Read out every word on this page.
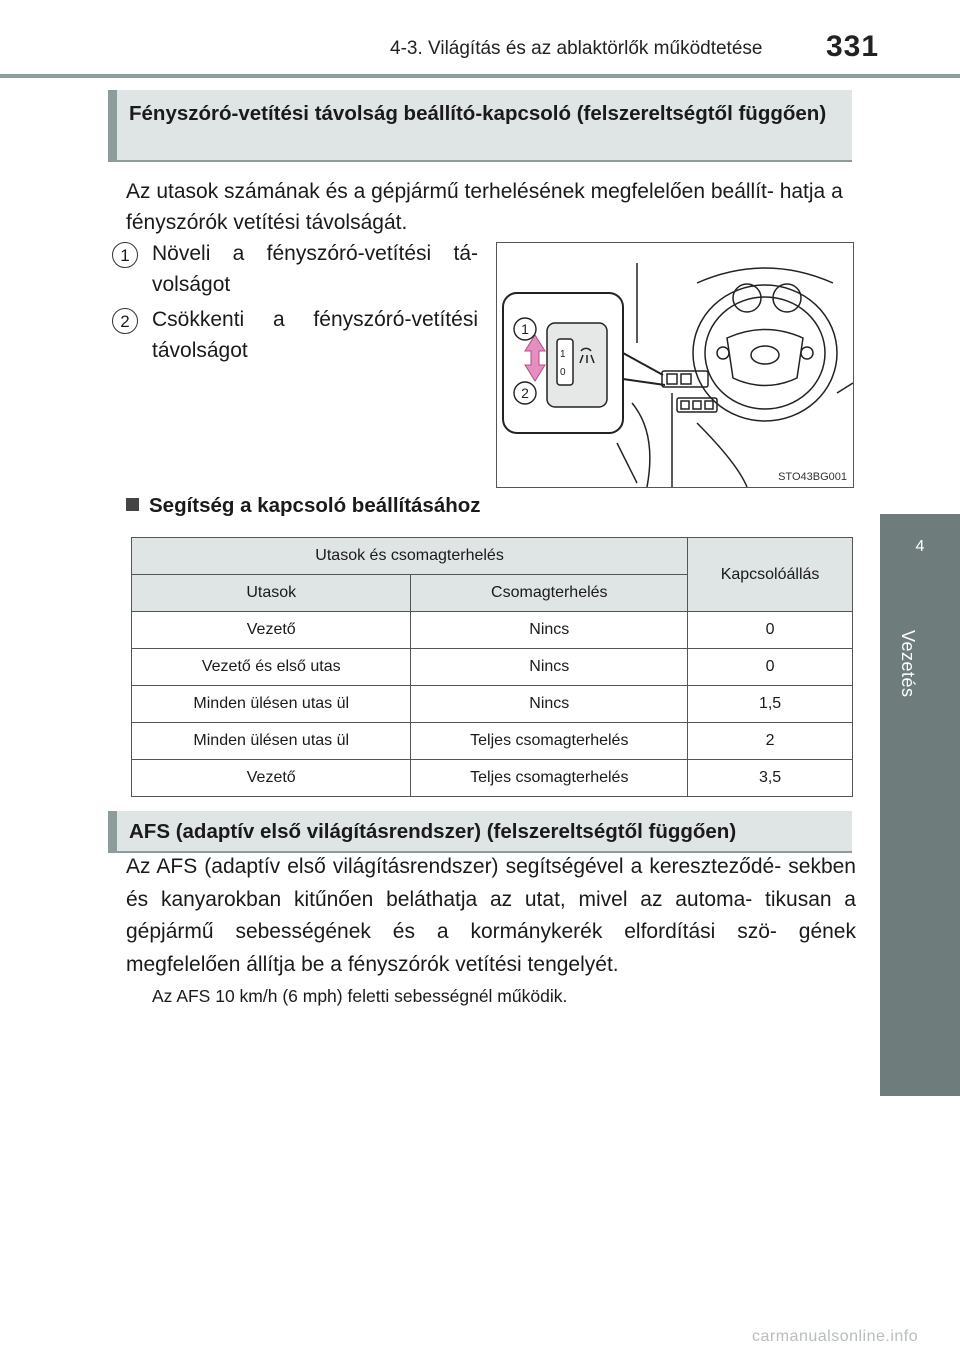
4-3. Világítás és az ablaktörlők működtetése 331
4
Vezetés
Fényszóró-vetítési távolság beállító-kapcsoló (felszereltségtől függően)
Az utasok számának és a gépjármű terhelésének megfelelően beállít- hatja a fényszórók vetítési távolságát.
1	Növeli a fényszóró-vetítési tá- volságot
2	Csökkenti a fényszóró-vetítési távolságot	1
0
1
2
STO43BG001
Segítség a kapcsoló beállításához
Utasok és csomagterhelés		Kapcsolóállás
Utasok	Csomagterhelés	
Vezető	Nincs	0
Vezető és első utas	Nincs	0
Minden ülésen utas ül	Nincs	1,5
Minden ülésen utas ül	Teljes csomagterhelés	2
Vezető	Teljes csomagterhelés	3,5
AFS (adaptív első világításrendszer) (felszereltségtől függően)
Az AFS (adaptív első világításrendszer) segítségével a kereszteződé- sekben és kanyarokban kitűnően beláthatja az utat, mivel az automa- tikusan a gépjármű sebességének és a kormánykerék elfordítási szö- gének megfelelően állítja be a fényszórók vetítési tengelyét.
Az AFS 10 km/h (6 mph) feletti sebességnél működik.
carmanualsonline.info
